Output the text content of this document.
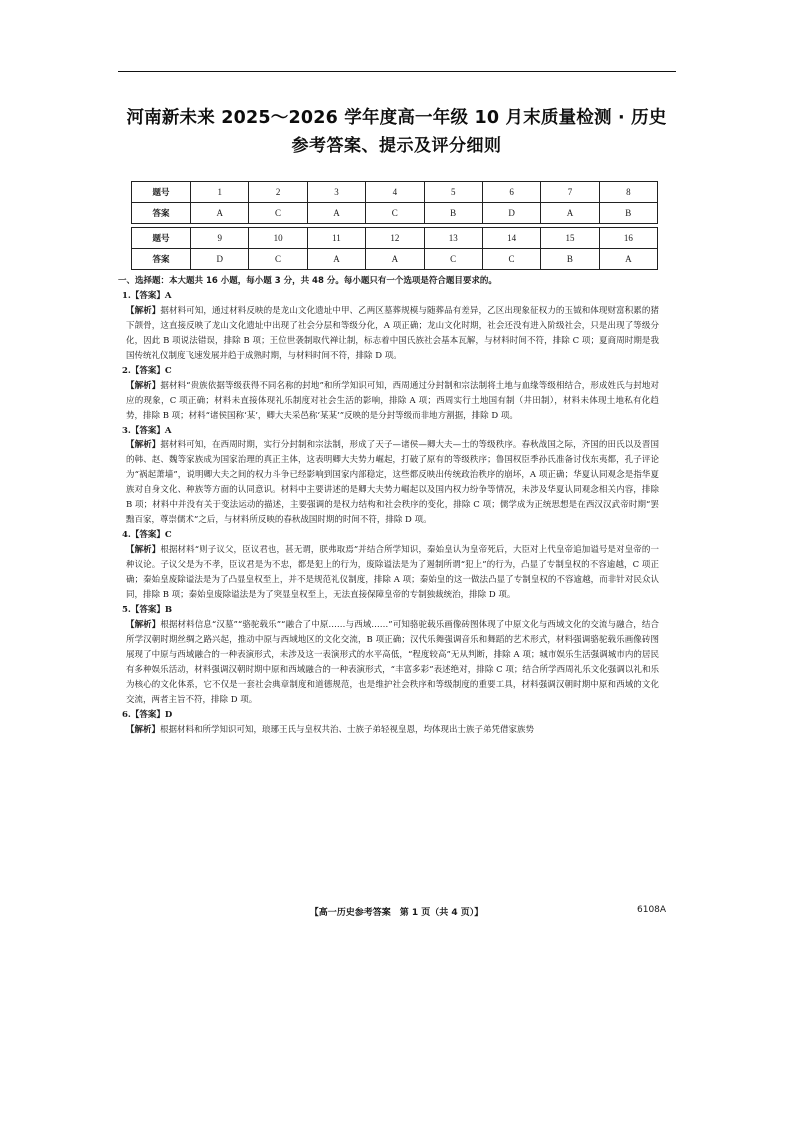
河南新未来 2025～2026 学年度高一年级 10 月末质量检测 · 历史
参考答案、提示及评分细则
题号	1	2	3	4	5	6	7	8
答案	A	C	A	C	B	D	A	B

题号	9	10	11	12	13	14	15	16
答案	D	C	A	A	C	C	B	A

一、选择题：本大题共 16 小题，每小题 3 分，共 48 分。每小题只有一个选项是符合题目要求的。

1.【答案】A

【解析】据材料可知，通过材料反映的是龙山文化遗址中甲、乙两区墓葬规模与随葬品有差异，乙区出现象征权力的玉钺和体现财富积累的猪下颌骨，这直接反映了龙山文化遗址中出现了社会分层和等级分化，A 项正确；龙山文化时期，社会还没有进入阶级社会，只是出现了等级分化，因此 B 项说法错误，排除 B 项；王位世袭制取代禅让制，标志着中国氏族社会基本瓦解，与材料时间不符，排除 C 项；夏商周时期是我国传统礼仪制度飞速发展并趋于成熟时期，与材料时间不符，排除 D 项。

2.【答案】C

【解析】据材料“贵族依据等级获得不同名称的封地”和所学知识可知，西周通过分封制和宗法制将土地与血缘等级相结合，形成姓氏与封地对应的现象，C 项正确；材料未直接体现礼乐制度对社会生活的影响，排除 A 项；西周实行土地国有制（井田制），材料未体现土地私有化趋势，排除 B 项；材料“诸侯国称‘某’，卿大夫采邑称‘某某’”反映的是分封等级而非地方割据，排除 D 项。

3.【答案】A

【解析】据材料可知，在西周时期，实行分封制和宗法制，形成了天子—诸侯—卿大夫—士的等级秩序。春秋战国之际，齐国的田氏以及晋国的韩、赵、魏等家族成为国家治理的真正主体，这表明卿大夫势力崛起，打破了原有的等级秩序；鲁国权臣季孙氏准备讨伐东夷都，孔子评论为“祸起萧墙”，说明卿大夫之间的权力斗争已经影响到国家内部稳定，这些都反映出传统政治秩序的崩坏，A 项正确；华夏认同观念是指华夏族对自身文化、种族等方面的认同意识。材料中主要讲述的是卿大夫势力崛起以及国内权力纷争等情况，未涉及华夏认同观念相关内容，排除 B 项；材料中并没有关于变法运动的描述，主要强调的是权力结构和社会秩序的变化，排除 C 项；儒学成为正统思想是在西汉汉武帝时期“罢黜百家，尊崇儒术”之后，与材料所反映的春秋战国时期的时间不符，排除 D 项。

4.【答案】C

【解析】根据材料“则子议父，臣议君也，甚无谓，朕弗取焉”并结合所学知识，秦始皇认为皇帝死后，大臣对上代皇帝追加谥号是对皇帝的一种议论。子议父是为不孝，臣议君是为不忠，都是犯上的行为，废除谥法是为了遏制所谓“犯上”的行为，凸显了专制皇权的不容逾越，C 项正确；秦始皇废除谥法是为了凸显皇权至上，并不是规范礼仪制度，排除 A 项；秦始皇的这一做法凸显了专制皇权的不容逾越，而非针对民众认同，排除 B 项；秦始皇废除谥法是为了突显皇权至上，无法直接保障皇帝的专制独裁统治，排除 D 项。

5.【答案】B

【解析】根据材料信息“汉墓”“骆驼载乐”“融合了中原……与西域……”可知骆驼载乐画像砖图体现了中原文化与西域文化的交流与融合，结合所学汉朝时期丝绸之路兴起，推动中原与西域地区的文化交流，B 项正确；汉代乐舞强调音乐和舞蹈的艺术形式，材料强调骆驼载乐画像砖图展现了中原与西域融合的一种表演形式，未涉及这一表演形式的水平高低，“程度较高”无从判断，排除 A 项；城市娱乐生活强调城市内的居民有多种娱乐活动，材料强调汉朝时期中原和西域融合的一种表演形式，“丰富多彩”表述绝对，排除 C 项；结合所学西周礼乐文化强调以礼和乐为核心的文化体系，它不仅是一套社会典章制度和道德规范，也是维护社会秩序和等级制度的重要工具，材料强调汉朝时期中原和西域的文化交流，两者主旨不符，排除 D 项。

6.【答案】D

【解析】根据材料和所学知识可知，琅琊王氏与皇权共治、士族子弟轻视皇恩，均体现出士族子弟凭借家族势

【高一历史参考答案　第 1 页（共 4 页）】	6108A
